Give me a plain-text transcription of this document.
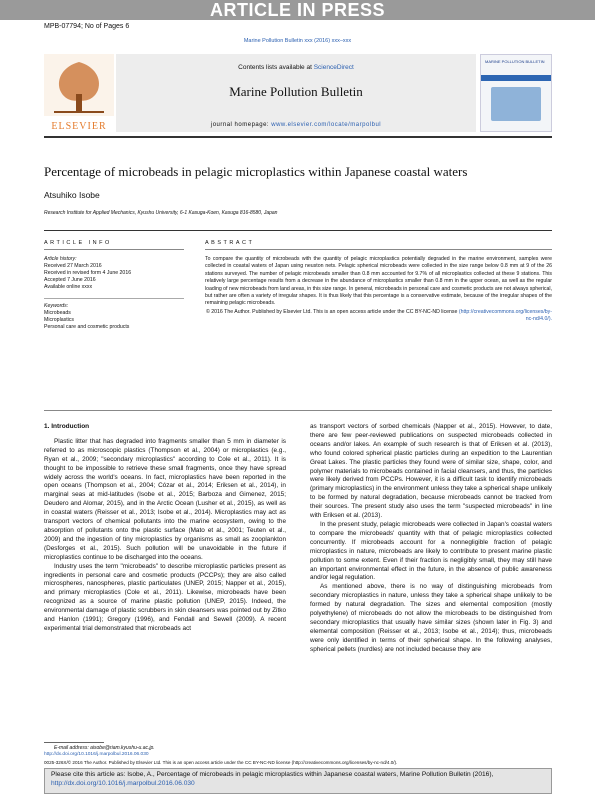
ARTICLE IN PRESS
MPB-07794; No of Pages 6
Marine Pollution Bulletin xxx (2016) xxx–xxx
ELSEVIER
Contents lists available at ScienceDirect
Marine Pollution Bulletin
journal homepage: www.elsevier.com/locate/marpolbul
MARINE POLLUTION BULLETIN
Percentage of microbeads in pelagic microplastics within Japanese coastal waters
Atsuhiko Isobe
Research Institute for Applied Mechanics, Kyushu University, 6-1 Kasuga-Koen, Kasuga 816-8580, Japan
ARTICLE INFO	ABSTRACT
Article history:
Received 27 March 2016
Received in revised form 4 June 2016
Accepted 7 June 2016
Available online xxxx
Keywords:
Microbeads
Microplastics
Personal care and cosmetic products

To compare the quantity of microbeads with the quantity of pelagic microplastics potentially degraded in the marine environment, samples were collected in coastal waters of Japan using neuston nets. Pelagic spherical microbeads were collected in the size range below 0.8 mm at 9 of the 26 stations surveyed. The number of pelagic microbeads smaller than 0.8 mm accounted for 9.7% of all microplastics collected at these 9 stations. This relatively large percentage results from a decrease in the abundance of microplastics smaller than 0.8 mm in the upper ocean, as well as the regular loading of new microbeads from land areas, in this size range. In general, microbeads in personal care and cosmetic products are not always spherical, but rather are often a variety of irregular shapes. It is thus likely that this percentage is a conservative estimate, because of the irregular shapes of the remaining pelagic microbeads.

© 2016 The Author. Published by Elsevier Ltd. This is an open access article under the CC BY-NC-ND license (http://creativecommons.org/licenses/by-nc-nd/4.0/).

1. Introduction

Plastic litter that has degraded into fragments smaller than 5 mm in diameter is referred to as microscopic plastics (Thompson et al., 2004) or microplastics (e.g., Ryan et al., 2009; "secondary microplastics" according to Cole et al., 2011). It is thought to be impossible to retrieve these small fragments, once they have spread widely across the world's oceans. In fact, microplastics have been reported in the open oceans (Thompson et al., 2004; Cózar et al., 2014; Eriksen et al., 2014), in marginal seas at mid-latitudes (Isobe et al., 2015; Barboza and Gimenez, 2015; Deudero and Alomar, 2015), and in the Arctic Ocean (Lusher et al., 2015), as well as in coastal waters (Reisser et al., 2013; Isobe et al., 2014). Microplastics may act as transport vectors of chemical pollutants into the marine ecosystem, owing to the absorption of pollutants onto the plastic surface (Mato et al., 2001; Teuten et al., 2009) and the ingestion of tiny microplastics by organisms as small as zooplankton (Desforges et al., 2015). Such pollution will be unavoidable in the future if microplastics continue to be discharged into the oceans.

Industry uses the term "microbeads" to describe microplastic particles present as ingredients in personal care and cosmetic products (PCCPs); they are also called microspheres, nanospheres, plastic particulates (UNEP, 2015; Napper et al., 2015), and primary microplastics (Cole et al., 2011). Likewise, microbeads have been recognized as a source of marine plastic pollution (UNEP, 2015). Indeed, the environmental damage of plastic scrubbers in skin cleansers was pointed out by Zitko and Hanlon (1991); Gregory (1996), and Fendall and Sewell (2009). A recent experimental trial demonstrated that microbeads act

as transport vectors of sorbed chemicals (Napper et al., 2015). However, to date, there are few peer-reviewed publications on suspected microbeads collected in oceans and/or lakes. An example of such research is that of Eriksen et al. (2013), who found colored spherical plastic particles during an expedition to the Laurentian Great Lakes. The plastic particles they found were of similar size, shape, color, and polymer materials to microbeads contained in facial cleansers, and thus, the particles were likely derived from PCCPs. However, it is a difficult task to identify microbeads (primary microplastics) in the environment unless they take a spherical shape unlikely to be formed by natural degradation, because microbeads cannot be tracked from their sources. The present study also uses the term "suspected microbeads" in line with Eriksen et al. (2013).

In the present study, pelagic microbeads were collected in Japan's coastal waters to compare the microbeads' quantity with that of pelagic microplastics collected concurrently. If microbeads account for a nonnegligible fraction of pelagic microplastics in nature, microbeads are likely to contribute to present marine plastic pollution to some extent. Even if their fraction is negligibly small, they may still have an important environmental effect in the future, in the absence of public awareness and/or legal regulation.

As mentioned above, there is no way of distinguishing microbeads from secondary microplastics in nature, unless they take a spherical shape unlikely to be formed by natural degradation. The sizes and elemental composition (mostly polyethylene) of microbeads do not allow the microbeads to be distinguished from secondary microplastics that usually have similar sizes (shown later in Fig. 3) and elemental composition (Reisser et al., 2013; Isobe et al., 2014); thus, microbeads were only identified in terms of their spherical shape. In the following analyses, spherical pellets (nurdles) are not included because they are

E-mail address: aisobe@riam.kyushu-u.ac.jp.
http://dx.doi.org/10.1016/j.marpolbul.2016.06.030
Please cite this article as: Isobe, A., Percentage of microbeads in pelagic microplastics within Japanese coastal waters, Marine Pollution Bulletin (2016), http://dx.doi.org/10.1016/j.marpolbul.2016.06.030
0025-326X/© 2016 The Author. Published by Elsevier Ltd. This is an open access article under the CC BY-NC-ND license (http://creativecommons.org/licenses/by-nc-nd/4.0/).
